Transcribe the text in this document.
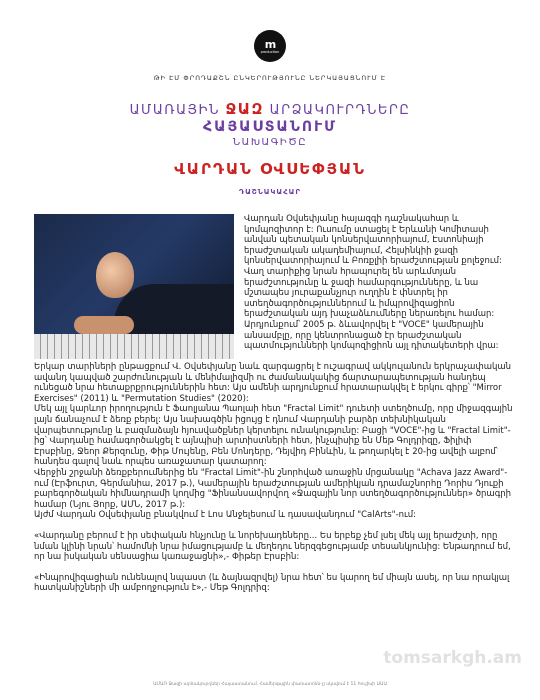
m
production
ԹԻ ԷՄ ՓՐՈԴԱՔՇՆ ԸՆԿԵՐՈՒԹՅՈՒՆԸ ՆԵՐԿԱՅԱՑՆՈՒՄ Է
ԱՄԱՌԱՅԻՆ ՋԱԶ ԱՐՁԱԿՈՒՐԴՆԵՐԸ
ՀԱՅԱՍՏԱՆՈՒՄ
ՆԱԽԱԳԻԾԸ
ՎԱՐԴԱՆ ՕՎՍԵՓՅԱՆ
ԴԱՇՆԱԿԱՀԱՐ

Վարդան Օվսեփյանը հայազգի դաշնակահար և կոմպոզիտոր է: Ուսումը ստացել է Երևանի Կոմիտասի անվան պետական կոնսերվատորիայում, Էստոնիայի երաժշտական ակադեմիայում, Հելսինկիի ջազի կոնսերվատորիայում և Բոռքլիի երաժշտության քոլեջում: Վաղ տարիքից նրան հրապուրել են արևմտյան երաժշտությունը և ջազի համարգությունները, և նա մշտապես յուրաքանչյուր ուղղին է փնտրել իր ստեղծագործություններում և իմպրովիզացիոն երաժշտական այդ խաչաձևումները ներառելու համար: Արդյունքում՝ 2005 թ. ձևավորվել է "VOCE" կամերային անսամբլը, որը կենտրոնացած էր երաժշտական պատմությունների կոմպոզիցիոն այլ դիտակետերի վրա:

Երկար տարիների ընթացքում Վ. Օվսեփյանը նաև զարգացրել է ուշագրավ ակկուլանուն երկրաչափական ավանդ կապված շարժունության և մենիմալիզմի ու ժամանակակից ճարտարապետության հանդեպ ունեցած նրա հետաքրքրություններին հետ: Այս ամենի արդյունքում հրատարակվել է երկու գիրք՝ "Mirror Exercises" (2011) և "Permutation Studies" (2020):

Մեկ այլ կարևոր իրողություն է Ֆաոլյանա Պաոլաի հետ "Fractal Limit" դուետի ստեղծումը, որը միջազգային լայն ճանաչում է ձեռք բերել: Այս նախագծին իցույց է դնում Վարդանի բարձր տեխնիկական վարպետությունը և բազմաձայն հյուսվածքներ կերտելու ունակությունը: Բացի "VOCE"-ից և "Fractal Limit"-ից՝ Վարդանը համագործակցել է այնպիսի արտիստների հետ, ինչպիսիք են Մեթ Գոլդրիզը, Ֆիլիփ Էրսբինը, Ջեոր Քերզունը, Փիթ Մույենը, Բեն Մոնդերը, Դեյվիդ Բինևին, և թողարկել է 20-ից ավելի ալբոմ՝ հանդես գալով նաև որպես առաջատար կատարող:

Վերջին շրջանի ձեռքբերումներից են "Fractal Limit"-ին շնորհված առաջին մրցանակը "Achava Jazz Award"-ում (Էրֆուրտ, Գերմանիա, 2017 թ.), Կամերային երաժշտության ամերիկյան դրամաշնորհը Դորիս Դյուքի բարեգործական հիմնադրամի կողմից "Ֆինանսավորվող «Ջազային նոր ստեղծագործություններ» ծրագրի համար (Նյու Յորք, ԱՄՆ, 2017 թ.):

Այժմ Վարդան Օվսեփյանը բնակվում է Լոս Անջելեսում և դասավանդում "CalArts"-ում:

«Վարդանը բերում է իր սեփական հնչյունը և նորեխադեները... Ես երբեք չեմ լսել մեկ այլ երաժշտի, որը նման կլինի նրան՝ համոմնի նրա իմացությամբ և մեղեդու ներզգեցությամբ տեսանկյունից: Ենթադրում եմ, որ նա իսկական սենսացիա կառաջացնի»,- Փիթեր Էրսբին:

«Ինպրովիզացիան ունենալով նպաստ (և ձայնազրվել) նրա հետ՝ ես կարող եմ միայն ասել, որ նա որակյալ հատկանիշների մի ամբողջություն է»,- Մեթ Գոլդրիզ:

tomsarkgh.am
ԱՄԱՌ Ջազի արձակուրդներ Հայաստանում. Համերգային փառատոնն-ը սկսվում է 11 հուլիսի ԱԱԱ
